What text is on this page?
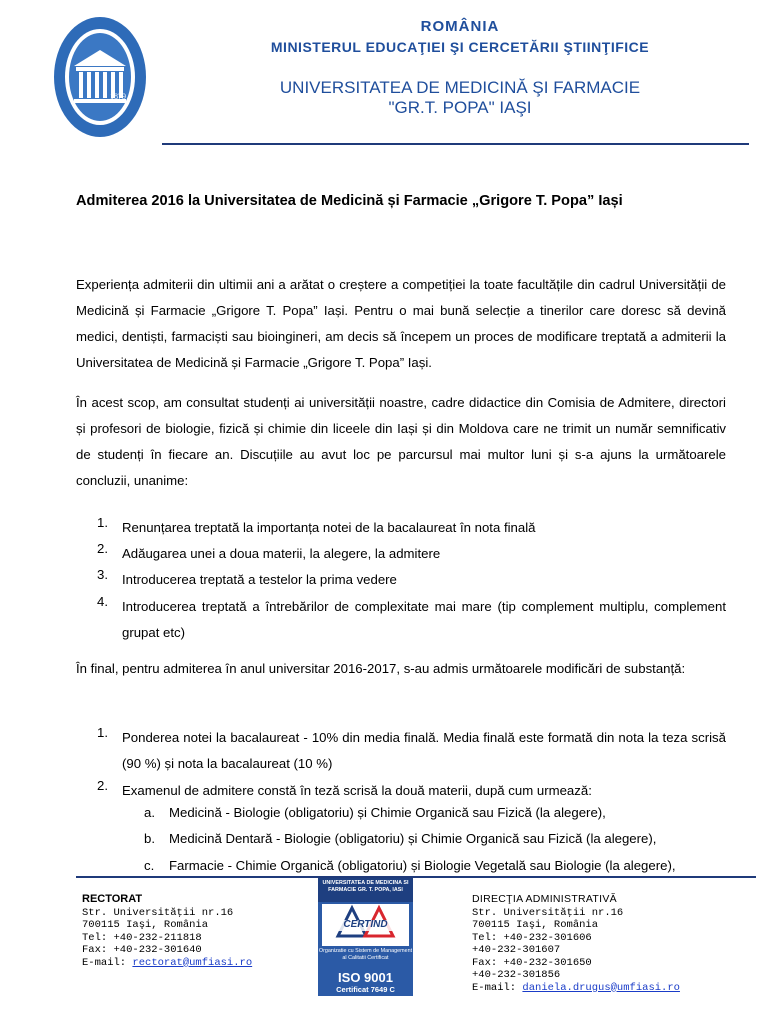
1879
ROMÂNIA
MINISTERUL EDUCAŢIEI ŞI CERCETĂRII ŞTIINŢIFICE
UNIVERSITATEA DE MEDICINĂ ŞI FARMACIE
"GR.T. POPA" IAŞI
Admiterea 2016 la Universitatea de Medicină și Farmacie „Grigore T. Popa” Iași
Experiența admiterii din ultimii ani a arătat o creștere a competiției la toate facultățile din cadrul Universității de Medicină și Farmacie „Grigore T. Popa” Iași. Pentru o mai bună selecție a tinerilor care doresc să devină medici, dentiști, farmaciști sau bioingineri, am decis să începem un proces de modificare treptată a admiterii la Universitatea de Medicină și Farmacie „Grigore T. Popa” Iași.
În acest scop, am consultat studenți ai universității noastre, cadre didactice din Comisia de Admitere, directori și profesori de biologie, fizică și chimie din liceele din Iași și din Moldova care ne trimit un număr semnificativ de studenți în fiecare an. Discuțiile au avut loc pe parcursul mai multor luni și s-a ajuns la următoarele concluzii, unanime:
1.	Renunțarea treptată la importanța notei de la bacalaureat în nota finală
2.	Adăugarea unei a doua materii, la alegere, la admitere
3.	Introducerea treptată a testelor la prima vedere
4.	Introducerea treptată a întrebărilor de complexitate mai mare (tip complement multiplu, complement grupat etc)
În final, pentru admiterea în anul universitar 2016-2017, s-au admis următoarele modificări de substanță:
1.	Ponderea notei la bacalaureat - 10% din media finală. Media finală este formată din nota la teza scrisă (90 %) și nota la bacalaureat (10 %)
2.	Examenul de admitere constă în teză scrisă la două materii, după cum urmează:
a. Medicină - Biologie (obligatoriu) și Chimie Organică sau Fizică (la alegere),
b. Medicină Dentară - Biologie (obligatoriu) și Chimie Organică sau Fizică (la alegere),
c. Farmacie - Chimie Organică (obligatoriu) și Biologie Vegetală sau Biologie (la alegere),
RECTORAT
Str. Universităţii nr.16
700115 Iaşi, România
Tel: +40-232-211818
Fax: +40-232-301640
E-mail: rectorat@umfiasi.ro
UNIVERSITATEA DE MEDICINA SI FARMACIE GR. T. POPA, IASI
CERTIND
Organizatie cu Sistem de Management al Calitatii Certificat
ISO 9001
Certificat 7649 C
DIRECŢIA ADMINISTRATIVĂ
Str. Universităţii nr.16
700115 Iaşi, România
Tel: +40-232-301606
+40-232-301607
Fax: +40-232-301650
+40-232-301856
E-mail: daniela.drugus@umfiasi.ro
